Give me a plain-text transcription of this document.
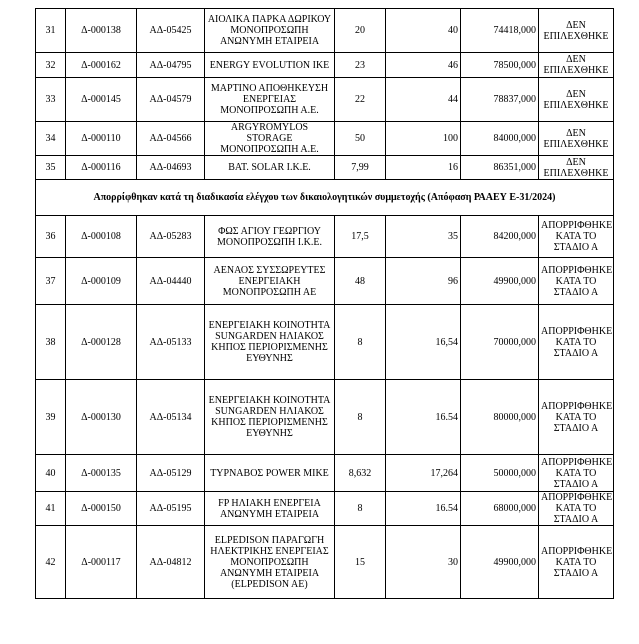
31	Δ-000138	ΑΔ-05425	ΑΙΟΛΙΚΑ ΠΑΡΚΑ ΔΩΡΙΚΟΥ ΜΟΝΟΠΡΟΣΩΠΗ ΑΝΩΝΥΜΗ ΕΤΑΙΡΕΙΑ	20	40	74418,000	ΔΕΝ ΕΠΙΛΕΧΘΗΚΕ
32	Δ-000162	ΑΔ-04795	ENERGY EVOLUTION ΙΚΕ	23	46	78500,000	ΔΕΝ ΕΠΙΛΕΧΘΗΚΕ
33	Δ-000145	ΑΔ-04579	ΜΑΡΤΙΝΟ ΑΠΟΘΗΚΕΥΣΗ ΕΝΕΡΓΕΙΑΣ ΜΟΝΟΠΡΟΣΩΠΗ Α.Ε.	22	44	78837,000	ΔΕΝ ΕΠΙΛΕΧΘΗΚΕ
34	Δ-000110	ΑΔ-04566	ARGYROMYLOS STORAGE ΜΟΝΟΠΡΟΣΩΠΗ Α.Ε.	50	100	84000,000	ΔΕΝ ΕΠΙΛΕΧΘΗΚΕ
35	Δ-000116	ΑΔ-04693	BAT. SOLAR I.K.E.	7,99	16	86351,000	ΔΕΝ ΕΠΙΛΕΧΘΗΚΕ
Απορρίφθηκαν κατά τη διαδικασία ελέγχου των δικαιολογητικών συμμετοχής (Απόφαση ΡΑΑΕΥ Ε-31/2024)							
36	Δ-000108	ΑΔ-05283	ΦΩΣ ΑΓΙΟΥ ΓΕΩΡΓΙΟΥ ΜΟΝΟΠΡΟΣΩΠΗ Ι.Κ.Ε.	17,5	35	84200,000	ΑΠΟΡΡΙΦΘΗΚΕ ΚΑΤΑ ΤΟ ΣΤΑΔΙΟ Α
37	Δ-000109	ΑΔ-04440	ΑΕΝΑΟΣ ΣΥΣΣΩΡΕΥΤΕΣ ΕΝΕΡΓΕΙΑΚΗ ΜΟΝΟΠΡΟΣΩΠΗ ΑΕ	48	96	49900,000	ΑΠΟΡΡΙΦΘΗΚΕ ΚΑΤΑ ΤΟ ΣΤΑΔΙΟ Α
38	Δ-000128	ΑΔ-05133	ΕΝΕΡΓΕΙΑΚΗ ΚΟΙΝΟΤΗΤΑ SUNGARDEN ΗΛΙΑΚΟΣ ΚΗΠΟΣ ΠΕΡΙΟΡΙΣΜΕΝΗΣ ΕΥΘΥΝΗΣ	8	16,54	70000,000	ΑΠΟΡΡΙΦΘΗΚΕ ΚΑΤΑ ΤΟ ΣΤΑΔΙΟ Α
39	Δ-000130	ΑΔ-05134	ΕΝΕΡΓΕΙΑΚΗ ΚΟΙΝΟΤΗΤΑ SUNGARDEN ΗΛΙΑΚΟΣ ΚΗΠΟΣ ΠΕΡΙΟΡΙΣΜΕΝΗΣ ΕΥΘΥΝΗΣ	8	16.54	80000,000	ΑΠΟΡΡΙΦΘΗΚΕ ΚΑΤΑ ΤΟ ΣΤΑΔΙΟ Α
40	Δ-000135	ΑΔ-05129	ΤΥΡΝΑΒΟΣ POWER ΜΙΚΕ	8,632	17,264	50000,000	ΑΠΟΡΡΙΦΘΗΚΕ ΚΑΤΑ ΤΟ ΣΤΑΔΙΟ Α
41	Δ-000150	ΑΔ-05195	FP ΗΛΙΑΚΗ ΕΝΕΡΓΕΙΑ ΑΝΩΝΥΜΗ ΕΤΑΙΡΕΙΑ	8	16.54	68000,000	ΑΠΟΡΡΙΦΘΗΚΕ ΚΑΤΑ ΤΟ ΣΤΑΔΙΟ Α
42	Δ-000117	ΑΔ-04812	ELPEDISON ΠΑΡΑΓΩΓΗ ΗΛΕΚΤΡΙΚΗΣ ΕΝΕΡΓΕΙΑΣ ΜΟΝΟΠΡΟΣΩΠΗ ΑΝΩΝΥΜΗ ΕΤΑΙΡΕΙΑ (ELPEDISON AE)	15	30	49900,000	ΑΠΟΡΡΙΦΘΗΚΕ ΚΑΤΑ ΤΟ ΣΤΑΔΙΟ Α
